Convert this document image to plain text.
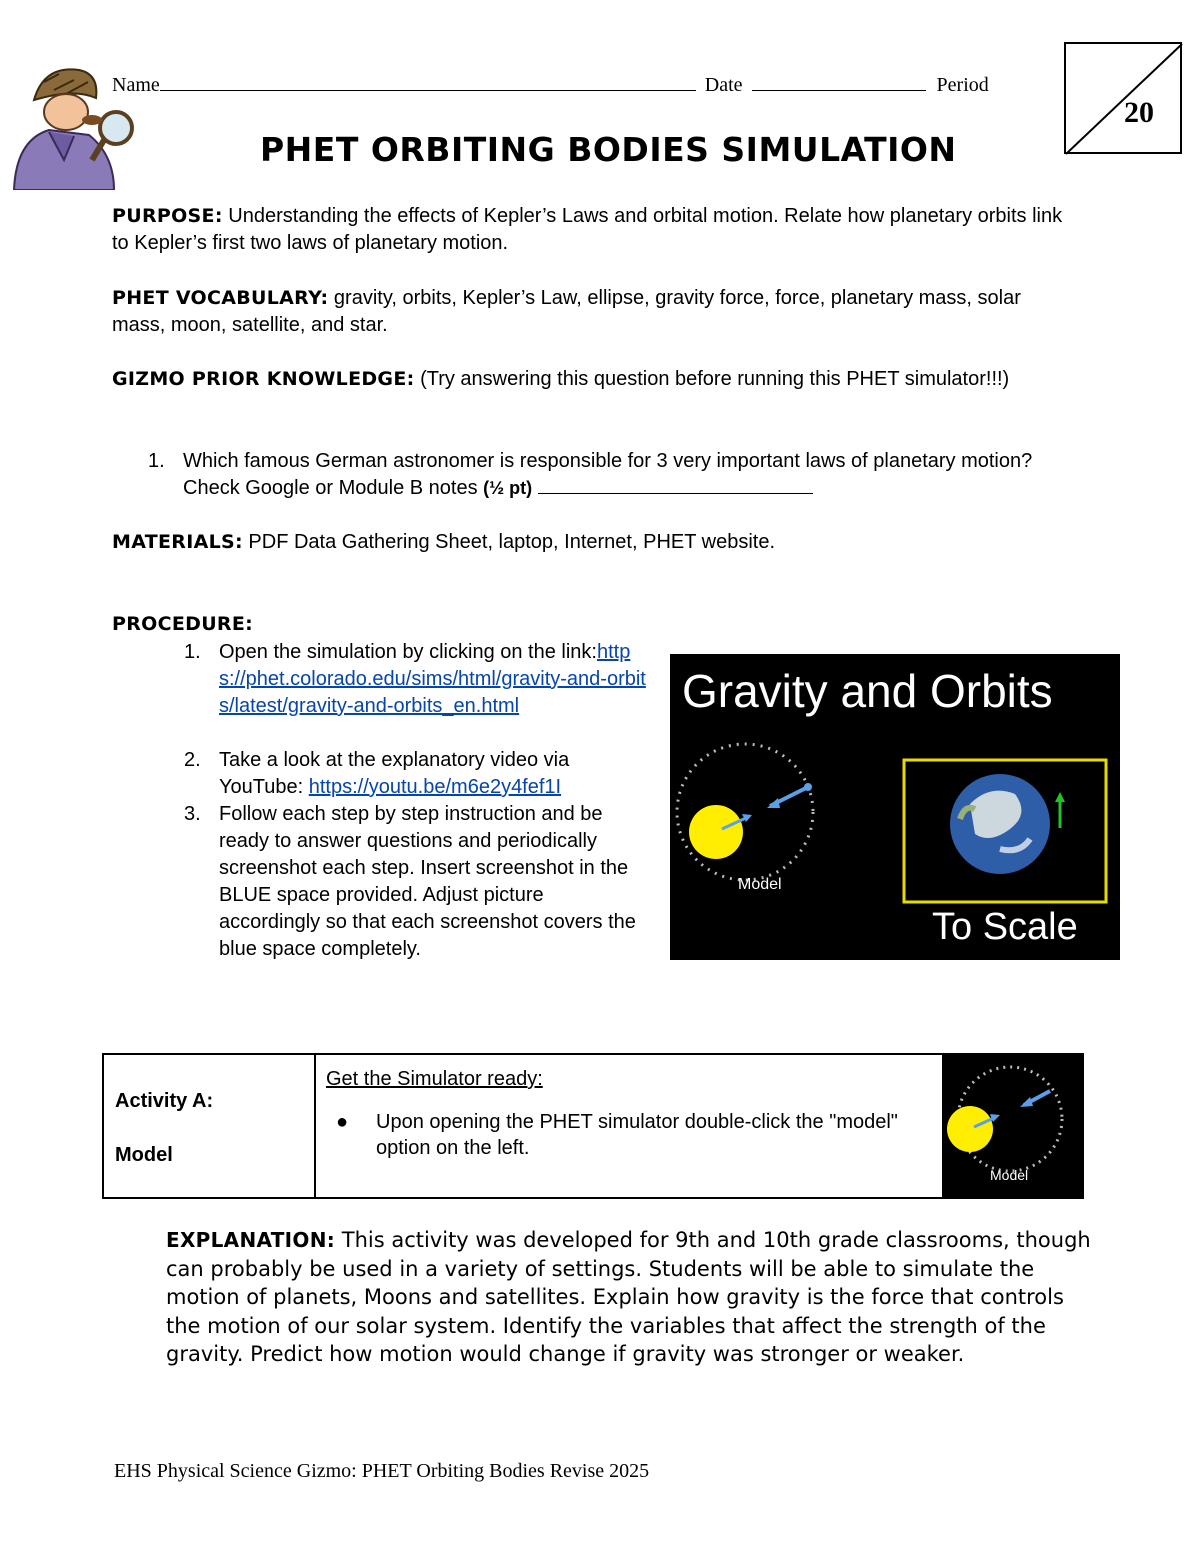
Name	Date	Period
20
PHET ORBITING BODIES SIMULATION
PURPOSE: Understanding the effects of Kepler’s Laws and orbital motion. Relate how planetary orbits link to Kepler’s first two laws of planetary motion.
PHET VOCABULARY: gravity, orbits, Kepler’s Law, ellipse, gravity force, force, planetary mass, solar mass, moon, satellite, and star.
GIZMO PRIOR KNOWLEDGE: (Try answering this question before running this PHET simulator!!!)
1. Which famous German astronomer is responsible for 3 very important laws of planetary motion? Check Google or Module B notes (½ pt)
MATERIALS: PDF Data Gathering Sheet, laptop, Internet, PHET website.
PROCEDURE:
1. Open the simulation by clicking on the link:https://phet.colorado.edu/sims/html/gravity-and-orbits/latest/gravity-and-orbits_en.html
2. Take a look at the explanatory video via YouTube: https://youtu.be/m6e2y4fef1I
3. Follow each step by step instruction and be ready to answer questions and periodically screenshot each step. Insert screenshot in the BLUE space provided. Adjust picture accordingly so that each screenshot covers the blue space completely.
Gravity and Orbits
Model
To Scale
Activity A:
Model
Get the Simulator ready:
● Upon opening the PHET simulator double-click the "model" option on the left.
Model
EXPLANATION: This activity was developed for 9th and 10th grade classrooms, though can probably be used in a variety of settings. Students will be able to simulate the motion of planets, Moons and satellites. Explain how gravity is the force that controls the motion of our solar system. Identify the variables that affect the strength of the gravity. Predict how motion would change if gravity was stronger or weaker.
EHS Physical Science Gizmo: PHET Orbiting Bodies Revise 2025
